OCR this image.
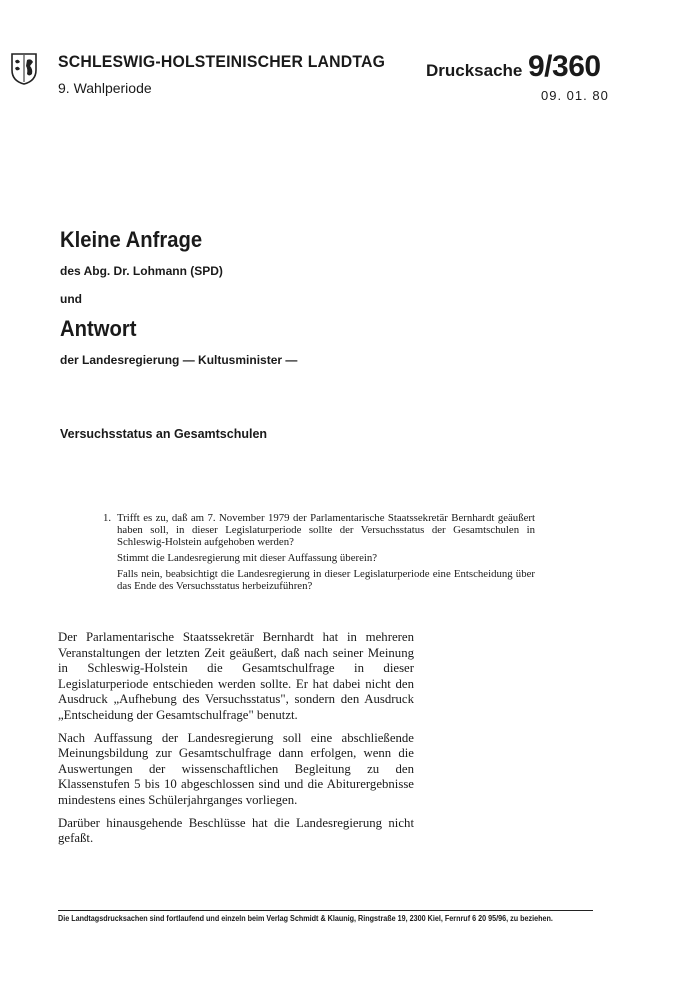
SCHLESWIG-HOLSTEINISCHER LANDTAG
9. Wahlperiode
Drucksache 9/360
09. 01. 80
Kleine Anfrage
des Abg. Dr. Lohmann (SPD)
und
Antwort
der Landesregierung — Kultusminister —
Versuchsstatus an Gesamtschulen
1. Trifft es zu, daß am 7. November 1979 der Parlamentarische Staatssekretär Bernhardt geäußert haben soll, in dieser Legislaturperiode sollte der Versuchsstatus der Gesamtschulen in Schleswig-Holstein aufgehoben werden?

Stimmt die Landesregierung mit dieser Auffassung überein?

Falls nein, beabsichtigt die Landesregierung in dieser Legislaturperiode eine Entscheidung über das Ende des Versuchsstatus herbeizuführen?

Der Parlamentarische Staatssekretär Bernhardt hat in mehreren Veranstaltungen der letzten Zeit geäußert, daß nach seiner Meinung in Schleswig-Holstein die Gesamtschulfrage in dieser Legislaturperiode entschieden werden sollte. Er hat dabei nicht den Ausdruck „Aufhebung des Versuchsstatus", sondern den Ausdruck „Entscheidung der Gesamtschulfrage" benutzt.

Nach Auffassung der Landesregierung soll eine abschließende Meinungsbildung zur Gesamtschulfrage dann erfolgen, wenn die Auswertungen der wissenschaftlichen Begleitung zu den Klassenstufen 5 bis 10 abgeschlossen sind und die Abiturergebnisse mindestens eines Schülerjahrganges vorliegen.

Darüber hinausgehende Beschlüsse hat die Landesregierung nicht gefaßt.

Die Landtagsdrucksachen sind fortlaufend und einzeln beim Verlag Schmidt & Klaunig, Ringstraße 19, 2300 Kiel, Fernruf 6 20 95/96, zu beziehen.
